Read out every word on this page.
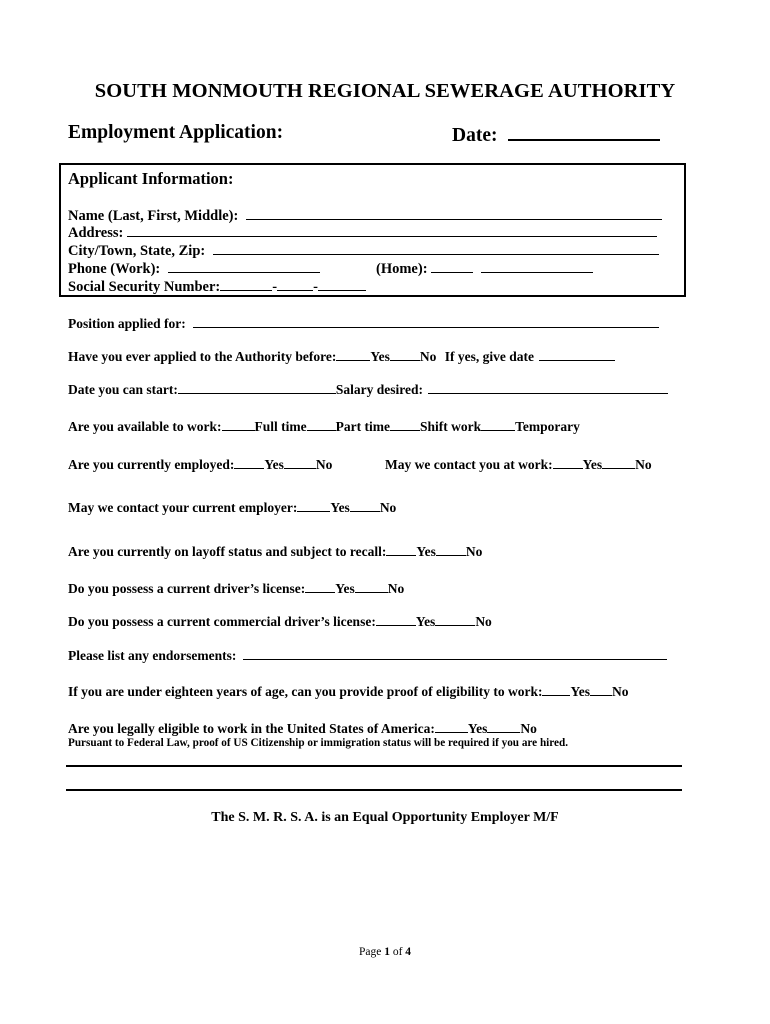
SOUTH MONMOUTH REGIONAL SEWERAGE AUTHORITY
Employment Application:	Date:
Applicant Information:
Name (Last, First, Middle):
Address:
City/Town, State, Zip:
Phone (Work):	(Home):
Social Security Number:	- -
Position applied for:
Have you ever applied to the Authority before:	Yes No If yes, give date
Date you can start:	Salary desired:
Are you available to work: Full time Part time Shift work	Temporary
Are you currently employed: Yes No	May we contact you at work: Yes No
May we contact your current employer: Yes No
Are you currently on layoff status and subject to recall: Yes No
Do you possess a current driver’s license: Yes No
Do you possess a current commercial driver’s license:	Yes	No
Please list any endorsements:
If you are under eighteen years of age, can you provide proof of eligibility to work: Yes No
Are you legally eligible to work in the United States of America: Yes No
Pursuant to Federal Law, proof of US Citizenship or immigration status will be required if you are hired.
The S. M. R. S. A. is an Equal Opportunity Employer M/F
Page 1 of 4
